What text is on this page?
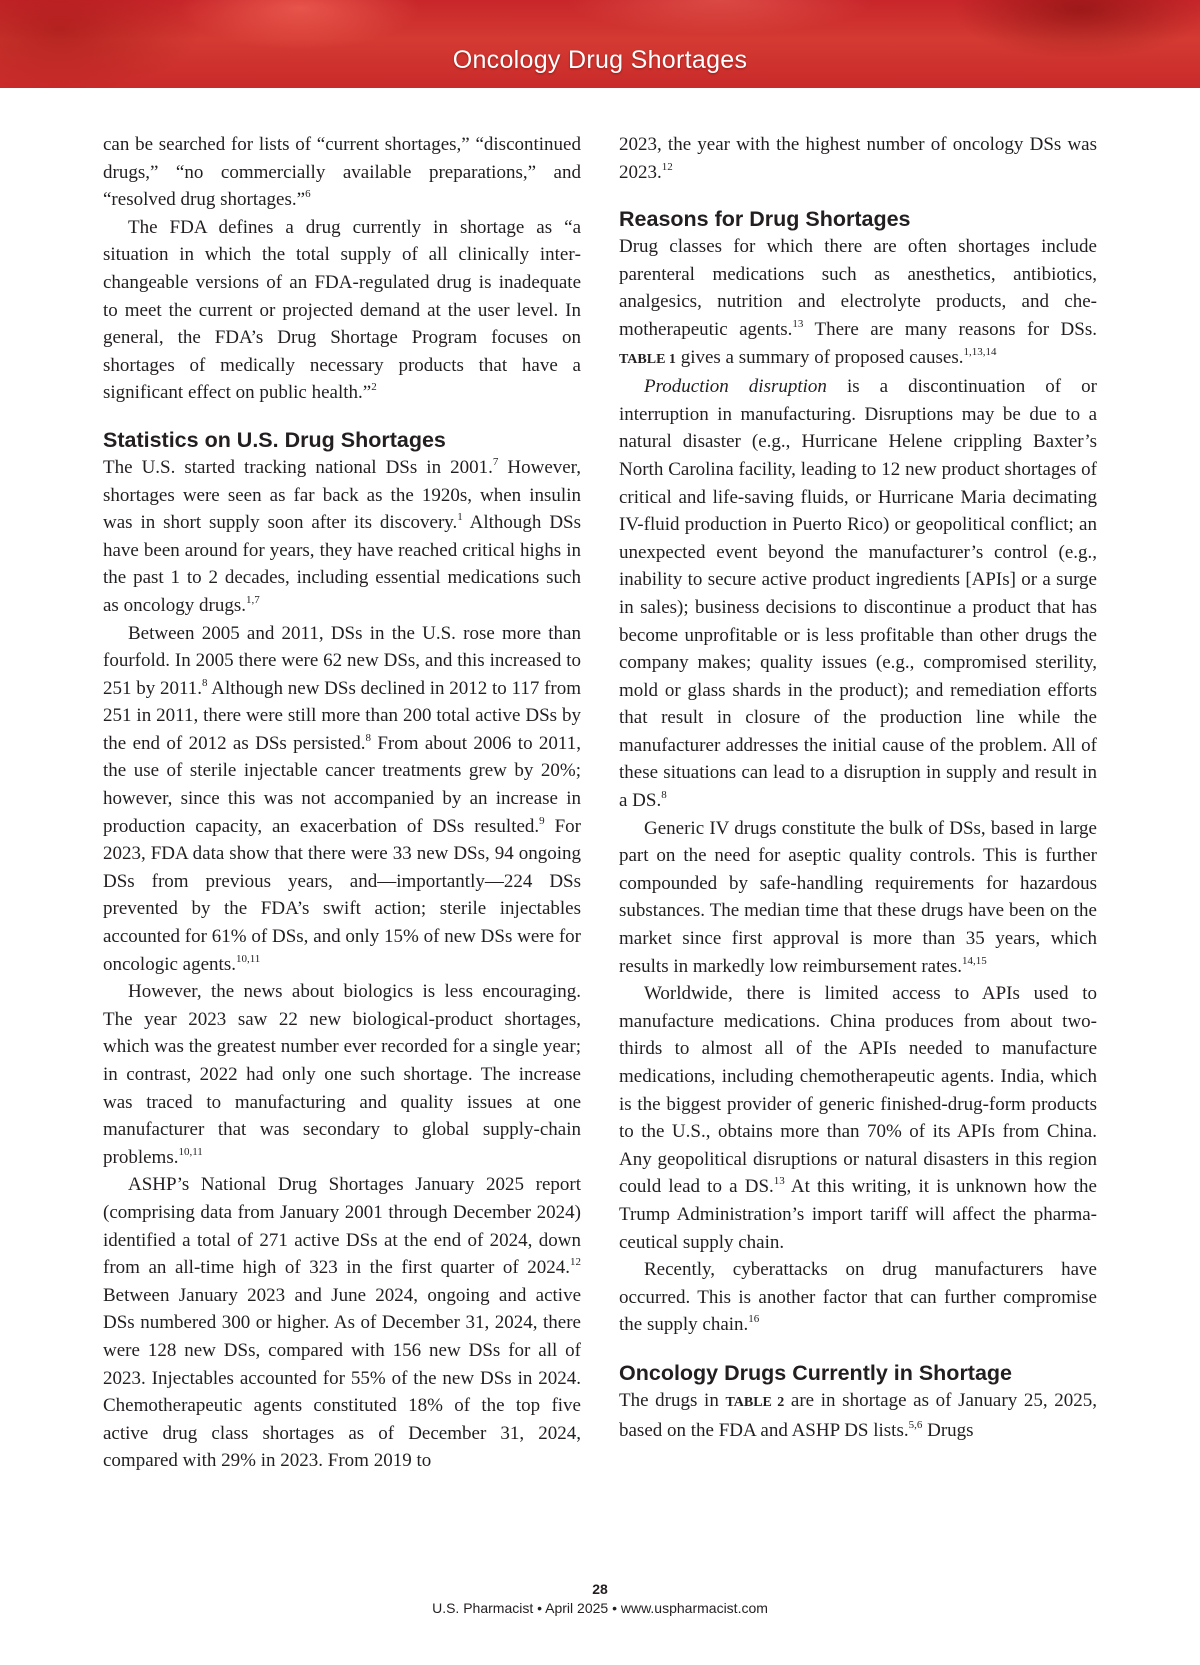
Oncology Drug Shortages

can be searched for lists of “current shortages,” “discontinued drugs,” “no commercially available preparations,” and “resolved drug shortages.”$^6$

The FDA defines a drug currently in shortage as “a situation in which the total supply of all clinically interchangeable versions of an FDA-regulated drug is inadequate to meet the current or projected demand at the user level. In general, the FDA’s Drug Shortage Program focuses on shortages of medically necessary products that have a significant effect on public health.”$^2$

Statistics on U.S. Drug Shortages

The U.S. started tracking national DSs in 2001.$^7$ However, shortages were seen as far back as the 1920s, when insulin was in short supply soon after its discovery.$^1$ Although DSs have been around for years, they have reached critical highs in the past 1 to 2 decades, including essential medications such as oncology drugs.$^{1,7}$

Between 2005 and 2011, DSs in the U.S. rose more than fourfold. In 2005 there were 62 new DSs, and this increased to 251 by 2011.$^8$ Although new DSs declined in 2012 to 117 from 251 in 2011, there were still more than 200 total active DSs by the end of 2012 as DSs persisted.$^8$ From about 2006 to 2011, the use of sterile injectable cancer treatments grew by 20%; however, since this was not accompanied by an increase in production capacity, an exacerbation of DSs resulted.$^9$ For 2023, FDA data show that there were 33 new DSs, 94 ongoing DSs from previous years, and—importantly—224 DSs prevented by the FDA’s swift action; sterile injectables accounted for 61% of DSs, and only 15% of new DSs were for oncologic agents.$^{10,11}$

However, the news about biologics is less encouraging. The year 2023 saw 22 new biological-product shortages, which was the greatest number ever recorded for a single year; in contrast, 2022 had only one such shortage. The increase was traced to manufacturing and quality issues at one manufacturer that was secondary to global supply-chain problems.$^{10,11}$

ASHP’s National Drug Shortages January 2025 report (comprising data from January 2001 through December 2024) identified a total of 271 active DSs at the end of 2024, down from an all-time high of 323 in the first quarter of 2024.12 Between January 2023 and June 2024, ongoing and active DSs numbered 300 or higher. As of December 31, 2024, there were 128 new DSs, compared with 156 new DSs for all of 2023. Injectables accounted for 55% of the new DSs in 2024. Chemotherapeutic agents constituted 18% of the top five active drug class shortages as of December 31, 2024, compared with 29% in 2023. From 2019 to

2023, the year with the highest number of oncology DSs was 2023.12

Reasons for Drug Shortages

Drug classes for which there are often shortages include parenteral medications such as anesthetics, antibiotics, analgesics, nutrition and electrolyte products, and chemotherapeutic agents.$^{13}$ There are many reasons for DSs. TABLE 1 gives a summary of proposed causes.$^{1,13,14}$

Production disruption is a discontinuation of or interruption in manufacturing. Disruptions may be due to a natural disaster (e.g., Hurricane Helene crippling Baxter’s North Carolina facility, leading to 12 new product shortages of critical and life-saving fluids, or Hurricane Maria decimating IV-fluid production in Puerto Rico) or geopolitical conflict; an unexpected event beyond the manufacturer’s control (e.g., inability to secure active product ingredients [APIs] or a surge in sales); business decisions to discontinue a product that has become unprofitable or is less profitable than other drugs the company makes; quality issues (e.g., compromised sterility, mold or glass shards in the product); and remediation efforts that result in closure of the production line while the manufacturer addresses the initial cause of the problem. All of these situations can lead to a disruption in supply and result in a DS.$^8$

Generic IV drugs constitute the bulk of DSs, based in large part on the need for aseptic quality controls. This is further compounded by safe-handling requirements for hazardous substances. The median time that these drugs have been on the market since first approval is more than 35 years, which results in markedly low reimbursement rates.$^{14,15}$

Worldwide, there is limited access to APIs used to manufacture medications. China produces from about two-thirds to almost all of the APIs needed to manufacture medications, including chemotherapeutic agents. India, which is the biggest provider of generic finished-drug-form products to the U.S., obtains more than 70% of its APIs from China. Any geopolitical disruptions or natural disasters in this region could lead to a DS.$^{13}$ At this writing, it is unknown how the Trump Administration’s import tariff will affect the pharmaceutical supply chain.

Recently, cyberattacks on drug manufacturers have occurred. This is another factor that can further compromise the supply chain.$^{16}$

Oncology Drugs Currently in Shortage

The drugs in TABLE 2 are in shortage as of January 25, 2025, based on the FDA and ASHP DS lists.$^{5,6}$ Drugs

28
U.S. Pharmacist • April 2025 • www.uspharmacist.com
